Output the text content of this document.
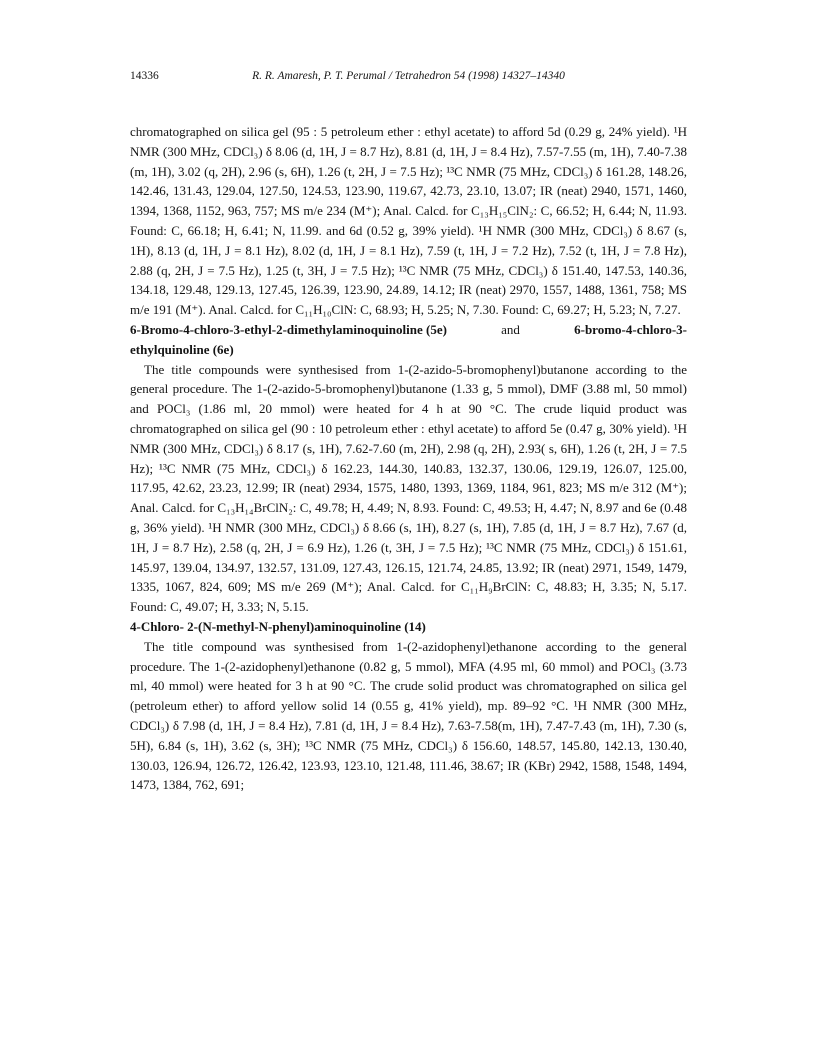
14336	R. R. Amaresh, P. T. Perumal / Tetrahedron 54 (1998) 14327–14340

chromatographed on silica gel (95 : 5 petroleum ether : ethyl acetate) to afford 5d (0.29 g, 24% yield). ¹H NMR (300 MHz, CDCl₃) δ 8.06 (d, 1H, J = 8.7 Hz), 8.81 (d, 1H, J = 8.4 Hz), 7.57-7.55 (m, 1H), 7.40-7.38 (m, 1H), 3.02 (q, 2H), 2.96 (s, 6H), 1.26 (t, 2H, J = 7.5 Hz); ¹³C NMR (75 MHz, CDCl₃) δ 161.28, 148.26, 142.46, 131.43, 129.04, 127.50, 124.53, 123.90, 119.67, 42.73, 23.10, 13.07; IR (neat) 2940, 1571, 1460, 1394, 1368, 1152, 963, 757; MS m/e 234 (M⁺); Anal. Calcd. for C₁₃H₁₅ClN₂: C, 66.52; H, 6.44; N, 11.93. Found: C, 66.18; H, 6.41; N, 11.99. and 6d (0.52 g, 39% yield). ¹H NMR (300 MHz, CDCl₃) δ 8.67 (s, 1H), 8.13 (d, 1H, J = 8.1 Hz), 8.02 (d, 1H, J = 8.1 Hz), 7.59 (t, 1H, J = 7.2 Hz), 7.52 (t, 1H, J = 7.8 Hz), 2.88 (q, 2H, J = 7.5 Hz), 1.25 (t, 3H, J = 7.5 Hz); ¹³C NMR (75 MHz, CDCl₃) δ 151.40, 147.53, 140.36, 134.18, 129.48, 129.13, 127.45, 126.39, 123.90, 24.89, 14.12; IR (neat) 2970, 1557, 1488, 1361, 758; MS m/e 191 (M⁺). Anal. Calcd. for C₁₁H₁₀ClN: C, 68.93; H, 5.25; N, 7.30. Found: C, 69.27; H, 5.23; N, 7.27.

6-Bromo-4-chloro-3-ethyl-2-dimethylaminoquinoline (5e)	and	6-bromo-4-chloro-3-
ethylquinoline (6e)

The title compounds were synthesised from 1-(2-azido-5-bromophenyl)butanone according to the general procedure. The 1-(2-azido-5-bromophenyl)butanone (1.33 g, 5 mmol), DMF (3.88 ml, 50 mmol) and POCl₃ (1.86 ml, 20 mmol) were heated for 4 h at 90 °C. The crude liquid product was chromatographed on silica gel (90 : 10 petroleum ether : ethyl acetate) to afford 5e (0.47 g, 30% yield). ¹H NMR (300 MHz, CDCl₃) δ 8.17 (s, 1H), 7.62-7.60 (m, 2H), 2.98 (q, 2H), 2.93( s, 6H), 1.26 (t, 2H, J = 7.5 Hz); ¹³C NMR (75 MHz, CDCl₃) δ 162.23, 144.30, 140.83, 132.37, 130.06, 129.19, 126.07, 125.00, 117.95, 42.62, 23.23, 12.99; IR (neat) 2934, 1575, 1480, 1393, 1369, 1184, 961, 823; MS m/e 312 (M⁺); Anal. Calcd. for C₁₃H₁₄BrClN₂: C, 49.78; H, 4.49; N, 8.93. Found: C, 49.53; H, 4.47; N, 8.97 and 6e (0.48 g, 36% yield). ¹H NMR (300 MHz, CDCl₃) δ 8.66 (s, 1H), 8.27 (s, 1H), 7.85 (d, 1H, J = 8.7 Hz), 7.67 (d, 1H, J = 8.7 Hz), 2.58 (q, 2H, J = 6.9 Hz), 1.26 (t, 3H, J = 7.5 Hz); ¹³C NMR (75 MHz, CDCl₃) δ 151.61, 145.97, 139.04, 134.97, 132.57, 131.09, 127.43, 126.15, 121.74, 24.85, 13.92; IR (neat) 2971, 1549, 1479, 1335, 1067, 824, 609; MS m/e 269 (M⁺); Anal. Calcd. for C₁₁H₉BrClN: C, 48.83; H, 3.35; N, 5.17. Found: C, 49.07; H, 3.33; N, 5.15.

4-Chloro- 2-(N-methyl-N-phenyl)aminoquinoline (14)

The title compound was synthesised from 1-(2-azidophenyl)ethanone according to the general procedure. The 1-(2-azidophenyl)ethanone (0.82 g, 5 mmol), MFA (4.95 ml, 60 mmol) and POCl₃ (3.73 ml, 40 mmol) were heated for 3 h at 90 °C. The crude solid product was chromatographed on silica gel (petroleum ether) to afford yellow solid 14 (0.55 g, 41% yield), mp. 89–92 °C. ¹H NMR (300 MHz, CDCl₃) δ 7.98 (d, 1H, J = 8.4 Hz), 7.81 (d, 1H, J = 8.4 Hz), 7.63-7.58(m, 1H), 7.47-7.43 (m, 1H), 7.30 (s, 5H), 6.84 (s, 1H), 3.62 (s, 3H); ¹³C NMR (75 MHz, CDCl₃) δ 156.60, 148.57, 145.80, 142.13, 130.40, 130.03, 126.94, 126.72, 126.42, 123.93, 123.10, 121.48, 111.46, 38.67; IR (KBr) 2942, 1588, 1548, 1494, 1473, 1384, 762, 691;
